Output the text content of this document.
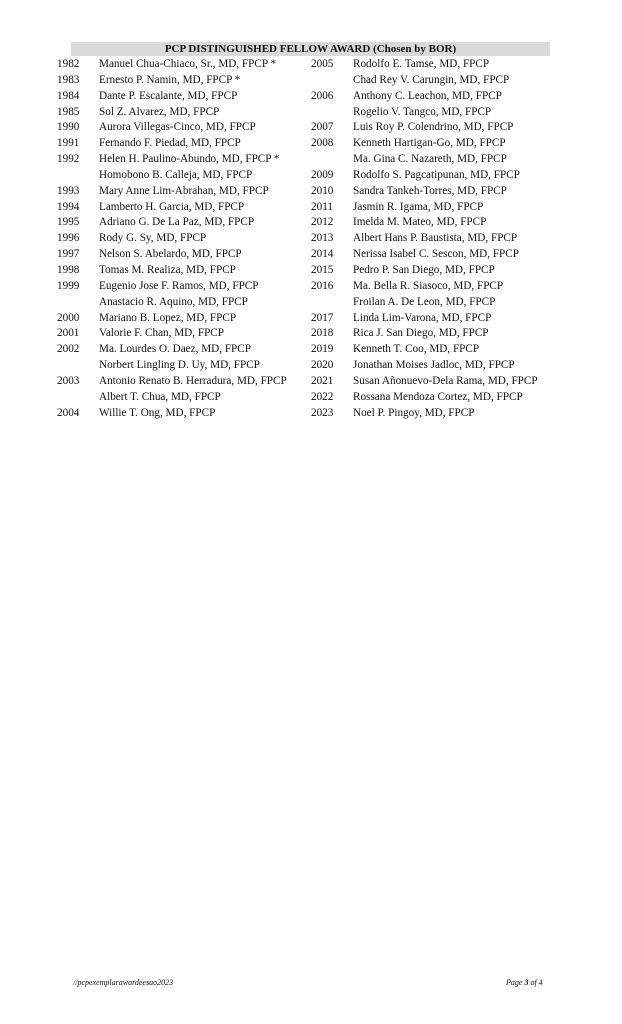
PCP DISTINGUISHED FELLOW AWARD (Chosen by BOR)
1982	Manuel Chua-Chiaco, Sr., MD, FPCP *
1983	Ernesto P. Namin, MD, FPCP *
1984	Dante P. Escalante, MD, FPCP
1985	Sol Z. Alvarez, MD, FPCP
1990	Aurora Villegas-Cinco, MD, FPCP
1991	Fernando F. Piedad, MD, FPCP
1992	Helen H. Paulino-Abundo, MD, FPCP *
Homobono B. Calleja, MD, FPCP
1993	Mary Anne Lim-Abrahan, MD, FPCP
1994	Lamberto H. Garcia, MD, FPCP
1995	Adriano G. De La Paz, MD, FPCP
1996	Rody G. Sy, MD, FPCP
1997	Nelson S. Abelardo, MD, FPCP
1998	Tomas M. Realiza, MD, FPCP
1999	Eugenio Jose F. Ramos, MD, FPCP
Anastacio R. Aquino, MD, FPCP
2000	Mariano B. Lopez, MD, FPCP
2001	Valorie F. Chan, MD, FPCP
2002	Ma. Lourdes O. Daez, MD, FPCP
Norbert Lingling D. Uy, MD, FPCP
2003	Antonio Renato B. Herradura, MD, FPCP
Albert T. Chua, MD, FPCP
2004	Willie T. Ong, MD, FPCP
2005	Rodolfo E. Tamse, MD, FPCP
Chad Rey V. Carungin, MD, FPCP
2006	Anthony C. Leachon, MD, FPCP
Rogelio V. Tangco, MD, FPCP
2007	Luis Roy P. Colendrino, MD, FPCP
2008	Kenneth Hartigan-Go, MD, FPCP
Ma. Gina C. Nazareth, MD, FPCP
2009	Rodolfo S. Pagcatipunan, MD, FPCP
2010	Sandra Tankeh-Torres, MD, FPCP
2011	Jasmin R. Igama, MD, FPCP
2012	Imelda M. Mateo, MD, FPCP
2013	Albert Hans P. Baustista, MD, FPCP
2014	Nerissa Isabel C. Sescon, MD, FPCP
2015	Pedro P. San Diego, MD, FPCP
2016	Ma. Bella R. Siasoco, MD, FPCP
Froilan A. De Leon, MD, FPCP
2017	Linda Lim-Varona, MD, FPCP
2018	Rica J. San Diego, MD, FPCP
2019	Kenneth T. Coo, MD, FPCP
2020	Jonathan Moises Jadloc, MD, FPCP
2021	Susan Añonuevo-Dela Rama, MD, FPCP
2022	Rossana Mendoza Cortez, MD, FPCP
2023	Noel P. Pingoy, MD, FPCP
//pcpexemplarawardeesao2023	Page 3 of 4
